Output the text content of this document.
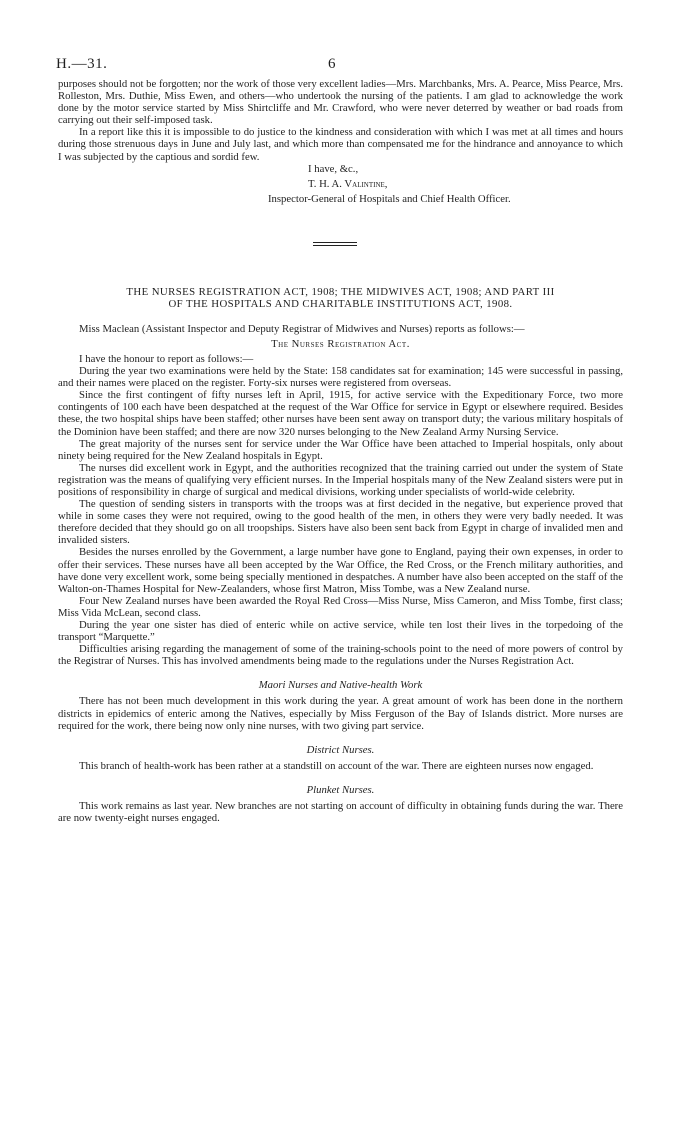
H.—31.	6

purposes should not be forgotten; nor the work of those very excellent ladies—Mrs. Marchbanks, Mrs. A. Pearce, Miss Pearce, Mrs. Rolleston, Mrs. Duthie, Miss Ewen, and others—who undertook the nursing of the patients. I am glad to acknowledge the work done by the motor service started by Miss Shirtcliffe and Mr. Crawford, who were never deterred by weather or bad roads from carrying out their self-imposed task.

In a report like this it is impossible to do justice to the kindness and consideration with which I was met at all times and hours during those strenuous days in June and July last, and which more than compensated me for the hindrance and annoyance to which I was subjected by the captious and sordid few.

I have, &c.,
T. H. A. Valintine,
Inspector-General of Hospitals and Chief Health Officer.
THE NURSES REGISTRATION ACT, 1908; THE MIDWIVES ACT, 1908; AND PART III
OF THE HOSPITALS AND CHARITABLE INSTITUTIONS ACT, 1908.

Miss Maclean (Assistant Inspector and Deputy Registrar of Midwives and Nurses) reports as follows:—

The Nurses Registration Act.

I have the honour to report as follows:—

During the year two examinations were held by the State: 158 candidates sat for examination; 145 were successful in passing, and their names were placed on the register. Forty-six nurses were registered from overseas.

Since the first contingent of fifty nurses left in April, 1915, for active service with the Expeditionary Force, two more contingents of 100 each have been despatched at the request of the War Office for service in Egypt or elsewhere required. Besides these, the two hospital ships have been staffed; other nurses have been sent away on transport duty; the various military hospitals of the Dominion have been staffed; and there are now 320 nurses belonging to the New Zealand Army Nursing Service.

The great majority of the nurses sent for service under the War Office have been attached to Imperial hospitals, only about ninety being required for the New Zealand hospitals in Egypt.

The nurses did excellent work in Egypt, and the authorities recognized that the training carried out under the system of State registration was the means of qualifying very efficient nurses. In the Imperial hospitals many of the New Zealand sisters were put in positions of responsibility in charge of surgical and medical divisions, working under specialists of world-wide celebrity.

The question of sending sisters in transports with the troops was at first decided in the negative, but experience proved that while in some cases they were not required, owing to the good health of the men, in others they were very badly needed. It was therefore decided that they should go on all troopships. Sisters have also been sent back from Egypt in charge of invalided men and invalided sisters.

Besides the nurses enrolled by the Government, a large number have gone to England, paying their own expenses, in order to offer their services. These nurses have all been accepted by the War Office, the Red Cross, or the French military authorities, and have done very excellent work, some being specially mentioned in despatches. A number have also been accepted on the staff of the Walton-on-Thames Hospital for New-Zealanders, whose first Matron, Miss Tombe, was a New Zealand nurse.

Four New Zealand nurses have been awarded the Royal Red Cross—Miss Nurse, Miss Cameron, and Miss Tombe, first class; Miss Vida McLean, second class.

During the year one sister has died of enteric while on active service, while ten lost their lives in the torpedoing of the transport “Marquette.”

Difficulties arising regarding the management of some of the training-schools point to the need of more powers of control by the Registrar of Nurses. This has involved amendments being made to the regulations under the Nurses Registration Act.

Maori Nurses and Native-health Work

There has not been much development in this work during the year. A great amount of work has been done in the northern districts in epidemics of enteric among the Natives, especially by Miss Ferguson of the Bay of Islands district. More nurses are required for the work, there being now only nine nurses, with two giving part service.

District Nurses.

This branch of health-work has been rather at a standstill on account of the war. There are eighteen nurses now engaged.

Plunket Nurses.

This work remains as last year. New branches are not starting on account of difficulty in obtaining funds during the war. There are now twenty-eight nurses engaged.
